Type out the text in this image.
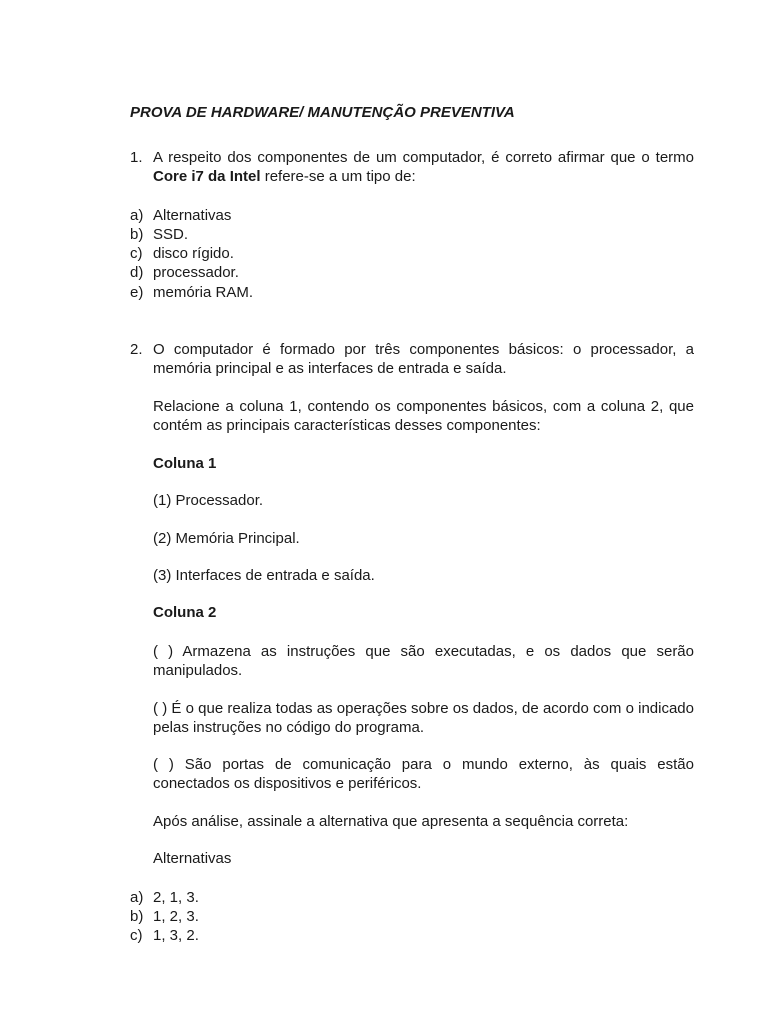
PROVA DE HARDWARE/ MANUTENÇÃO PREVENTIVA
1. A respeito dos componentes de um computador, é correto afirmar que o termo Core i7 da Intel refere-se a um tipo de:
a) Alternativas
b) SSD.
c) disco rígido.
d) processador.
e) memória RAM.
2. O computador é formado por três componentes básicos: o processador, a memória principal e as interfaces de entrada e saída.
Relacione a coluna 1, contendo os componentes básicos, com a coluna 2, que contém as principais características desses componentes:
Coluna 1
(1) Processador.
(2) Memória Principal.
(3) Interfaces de entrada e saída.
Coluna 2
( ) Armazena as instruções que são executadas, e os dados que serão manipulados.
( ) É o que realiza todas as operações sobre os dados, de acordo com o indicado pelas instruções no código do programa.
( ) São portas de comunicação para o mundo externo, às quais estão conectados os dispositivos e periféricos.
Após análise, assinale a alternativa que apresenta a sequência correta:
Alternativas
a) 2, 1, 3.
b) 1, 2, 3.
c) 1, 3, 2.
